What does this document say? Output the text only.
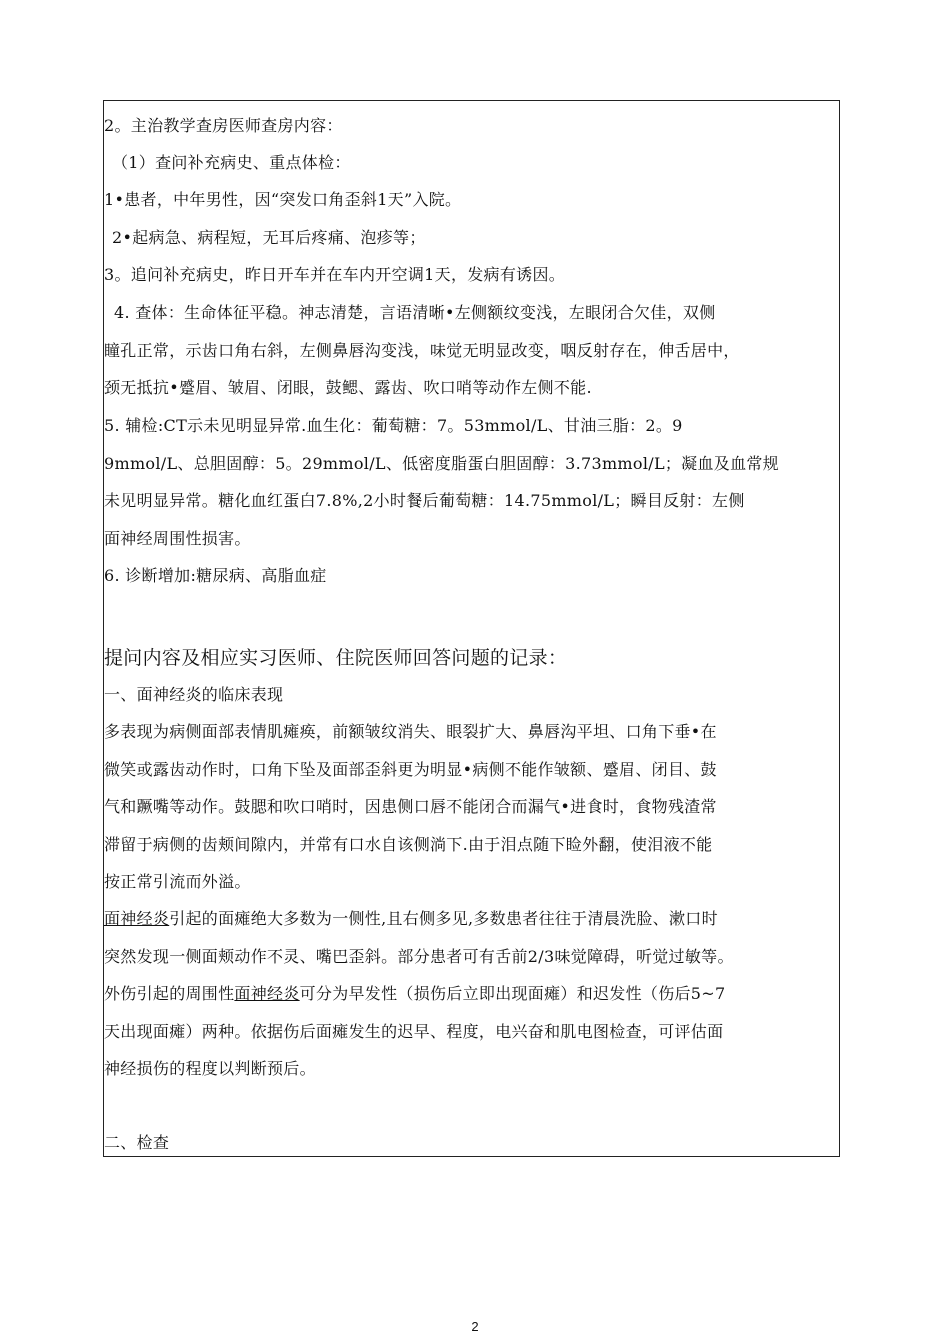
2。主治教学查房医师查房内容：
（1）查问补充病史、重点体检：
1•患者，中年男性，因“突发口角歪斜1天”入院。
2•起病急、病程短，无耳后疼痛、泡疹等；
3。追问补充病史，昨日开车并在车内开空调1天，发病有诱因。
4. 查体：生命体征平稳。神志清楚，言语清晰•左侧额纹变浅，左眼闭合欠佳，双侧
瞳孔正常，示齿口角右斜，左侧鼻唇沟变浅，味觉无明显改变，咽反射存在，伸舌居中，
颈无抵抗•蹙眉、皱眉、闭眼，鼓鳃、露齿、吹口哨等动作左侧不能.
5. 辅检:CT示未见明显异常.血生化：葡萄糖：7。53mmol/L、甘油三脂：2。9
9mmol/L、总胆固醇：5。29mmol/L、低密度脂蛋白胆固醇：3.73mmol/L；凝血及血常规
未见明显异常。糖化血红蛋白7.8%,2小时餐后葡萄糖：14.75mmol/L；瞬目反射：左侧
面神经周围性损害。
6. 诊断增加:糖尿病、高脂血症
提问内容及相应实习医师、住院医师回答问题的记录：
一、面神经炎的临床表现
多表现为病侧面部表情肌瘫痪，前额皱纹消失、眼裂扩大、鼻唇沟平坦、口角下垂•在
微笑或露齿动作时，口角下坠及面部歪斜更为明显•病侧不能作皱额、蹙眉、闭目、鼓
气和蹶嘴等动作。鼓腮和吹口哨时，因患侧口唇不能闭合而漏气•进食时，食物残渣常
滞留于病侧的齿颊间隙内，并常有口水自该侧淌下.由于泪点随下睑外翻，使泪液不能
按正常引流而外溢。
面神经炎引起的面瘫绝大多数为一侧性,且右侧多见,多数患者往往于清晨洗脸、漱口时
突然发现一侧面颊动作不灵、嘴巴歪斜。部分患者可有舌前2/3味觉障碍，听觉过敏等。
外伤引起的周围性面神经炎可分为早发性（损伤后立即出现面瘫）和迟发性（伤后5~7
天出现面瘫）两种。依据伤后面瘫发生的迟早、程度，电兴奋和肌电图检查，可评估面
神经损伤的程度以判断预后。
二、检查
2
